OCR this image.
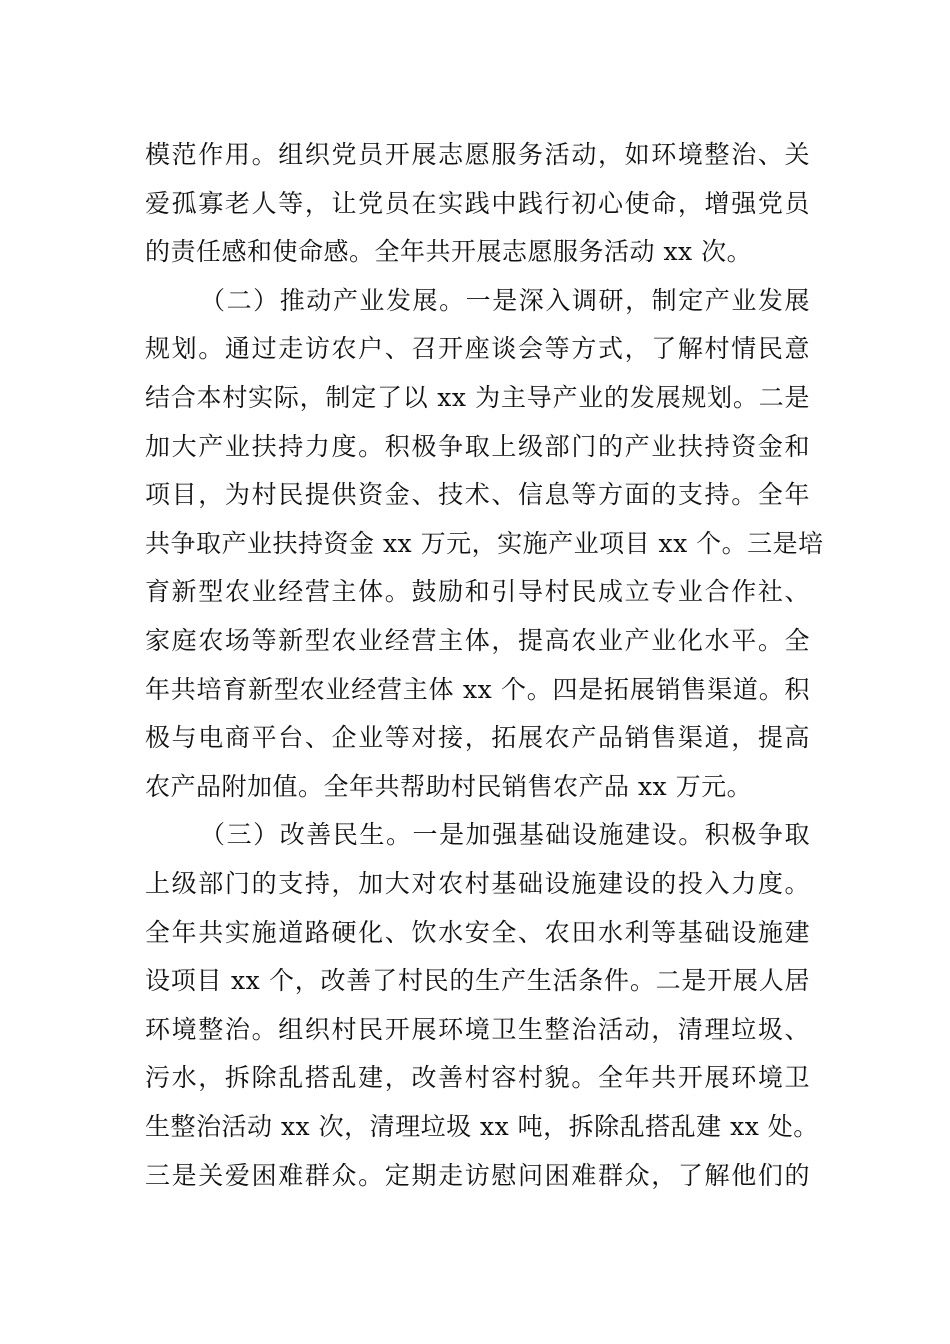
模范作用。组织党员开展志愿服务活动，如环境整治、关
爱孤寡老人等，让党员在实践中践行初心使命，增强党员
的责任感和使命感。全年共开展志愿服务活动 xx 次。
（二）推动产业发展。一是深入调研，制定产业发展
规划。通过走访农户、召开座谈会等方式，了解村情民意
结合本村实际，制定了以 xx 为主导产业的发展规划。二是
加大产业扶持力度。积极争取上级部门的产业扶持资金和
项目，为村民提供资金、技术、信息等方面的支持。全年
共争取产业扶持资金 xx 万元，实施产业项目 xx 个。三是培
育新型农业经营主体。鼓励和引导村民成立专业合作社、
家庭农场等新型农业经营主体，提高农业产业化水平。全
年共培育新型农业经营主体 xx 个。四是拓展销售渠道。积
极与电商平台、企业等对接，拓展农产品销售渠道，提高
农产品附加值。全年共帮助村民销售农产品 xx 万元。
（三）改善民生。一是加强基础设施建设。积极争取
上级部门的支持，加大对农村基础设施建设的投入力度。
全年共实施道路硬化、饮水安全、农田水利等基础设施建
设项目 xx 个，改善了村民的生产生活条件。二是开展人居
环境整治。组织村民开展环境卫生整治活动，清理垃圾、
污水，拆除乱搭乱建，改善村容村貌。全年共开展环境卫
生整治活动 xx 次，清理垃圾 xx 吨，拆除乱搭乱建 xx 处。
三是关爱困难群众。定期走访慰问困难群众，了解他们的
